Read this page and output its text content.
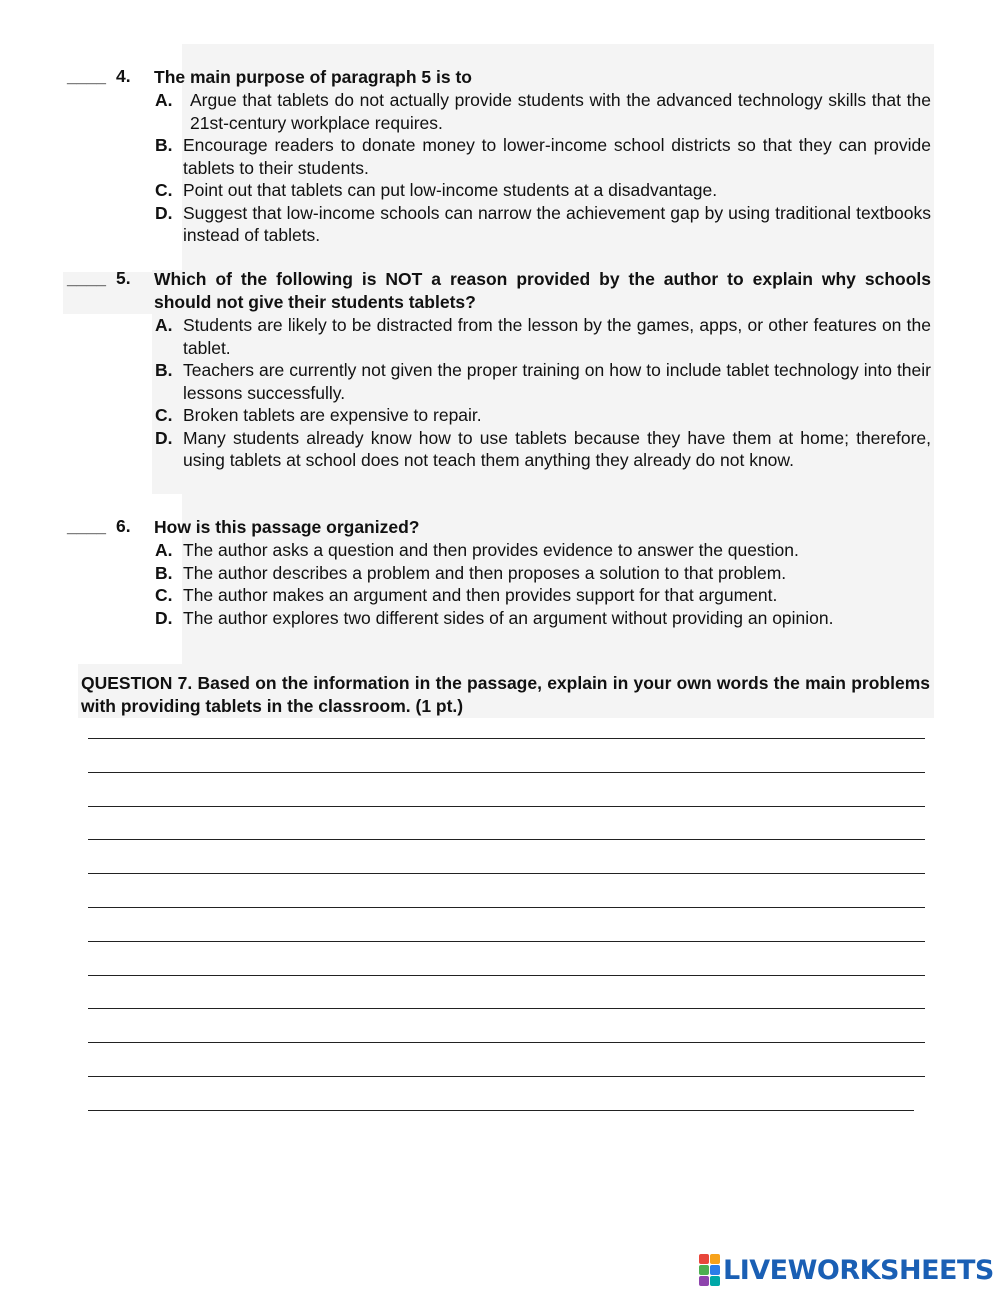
____ 4. The main purpose of paragraph 5 is to
A. Argue that tablets do not actually provide students with the advanced technology skills that the 21st-century workplace requires.
B. Encourage readers to donate money to lower-income school districts so that they can provide tablets to their students.
C. Point out that tablets can put low-income students at a disadvantage.
D. Suggest that low-income schools can narrow the achievement gap by using traditional textbooks instead of tablets.
____ 5. Which of the following is NOT a reason provided by the author to explain why schools should not give their students tablets?
A. Students are likely to be distracted from the lesson by the games, apps, or other features on the tablet.
B. Teachers are currently not given the proper training on how to include tablet technology into their lessons successfully.
C. Broken tablets are expensive to repair.
D. Many students already know how to use tablets because they have them at home; therefore, using tablets at school does not teach them anything they already do not know.
____ 6. How is this passage organized?
A. The author asks a question and then provides evidence to answer the question.
B. The author describes a problem and then proposes a solution to that problem.
C. The author makes an argument and then provides support for that argument.
D. The author explores two different sides of an argument without providing an opinion.
QUESTION 7. Based on the information in the passage, explain in your own words the main problems with providing tablets in the classroom. (1 pt.)
LIVEWORKSHEETS
